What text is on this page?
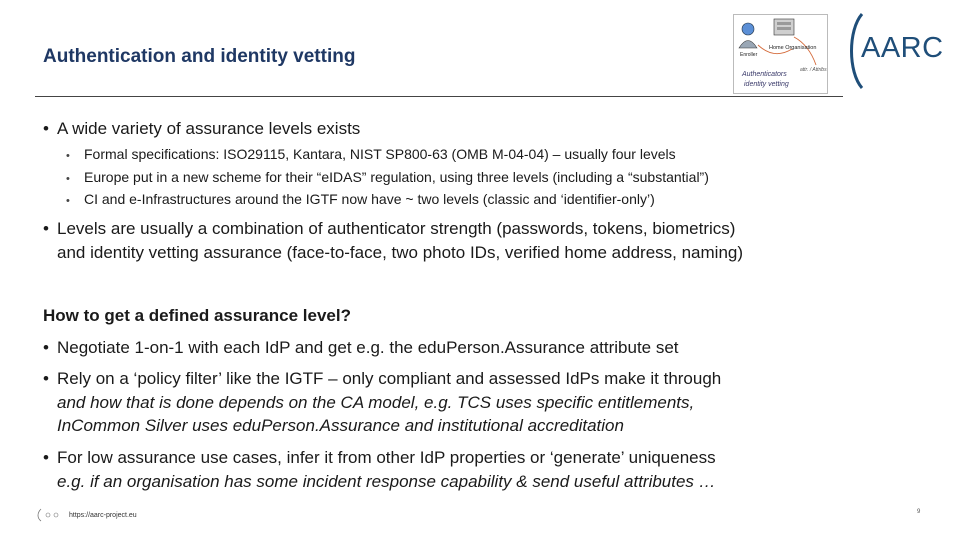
Authentication and identity vetting	Enroller
Home Organisation
attr. / Attribs
Authenticators
identity vetting
AARC
• A wide variety of assurance levels exists
• Formal specifications: ISO29115, Kantara, NIST SP800-63 (OMB M-04-04) – usually four levels
• Europe put in a new scheme for their “eIDAS” regulation, using three levels (including a “substantial”)
• CI and e-Infrastructures around the IGTF now have ~ two levels (classic and ‘identifier-only’)
• Levels are usually a combination of authenticator strength (passwords, tokens, biometrics)
and identity vetting assurance (face-to-face, two photo IDs, verified home address, naming)
How to get a defined assurance level?
• Negotiate 1-on-1 with each IdP and get e.g. the eduPerson.Assurance attribute set
• Rely on a ‘policy filter’ like the IGTF – only compliant and assessed IdPs make it through
and how that is done depends on the CA model, e.g. TCS uses specific entitlements,
InCommon Silver uses eduPerson.Assurance and institutional accreditation
• For low assurance use cases, infer it from other IdP properties or ‘generate’ uniqueness
e.g. if an organisation has some incident response capability & send useful attributes …
https://aarc-project.eu	9
